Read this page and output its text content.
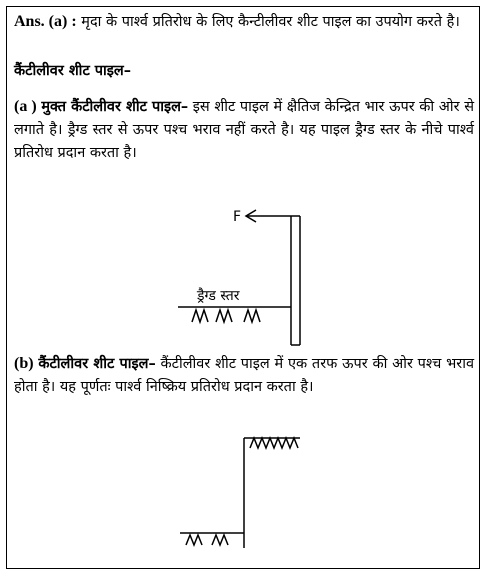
Ans. (a) : मृदा के पार्श्व प्रतिरोध के लिए कैन्टीलीवर शीट पाइल का उपयोग करते है।
कैंटीलीवर शीट पाइल–
(a ) मुक्त कैंटीलीवर शीट पाइल– इस शीट पाइल में क्षैतिज केन्द्रित भार ऊपर की ओर से लगाते है। ड्रैग्ड स्तर से ऊपर पश्च भराव नहीं करते है। यह पाइल ड्रैग्ड स्तर के नीचे पार्श्व प्रतिरोध प्रदान करता है।
F
ड्रैग्ड स्तर
(b) कैंटीलीवर शीट पाइल– कैंटीलीवर शीट पाइल में एक तरफ ऊपर की ओर पश्च भराव होता है। यह पूर्णतः पार्श्व निष्क्रिय प्रतिरोध प्रदान करता है।
